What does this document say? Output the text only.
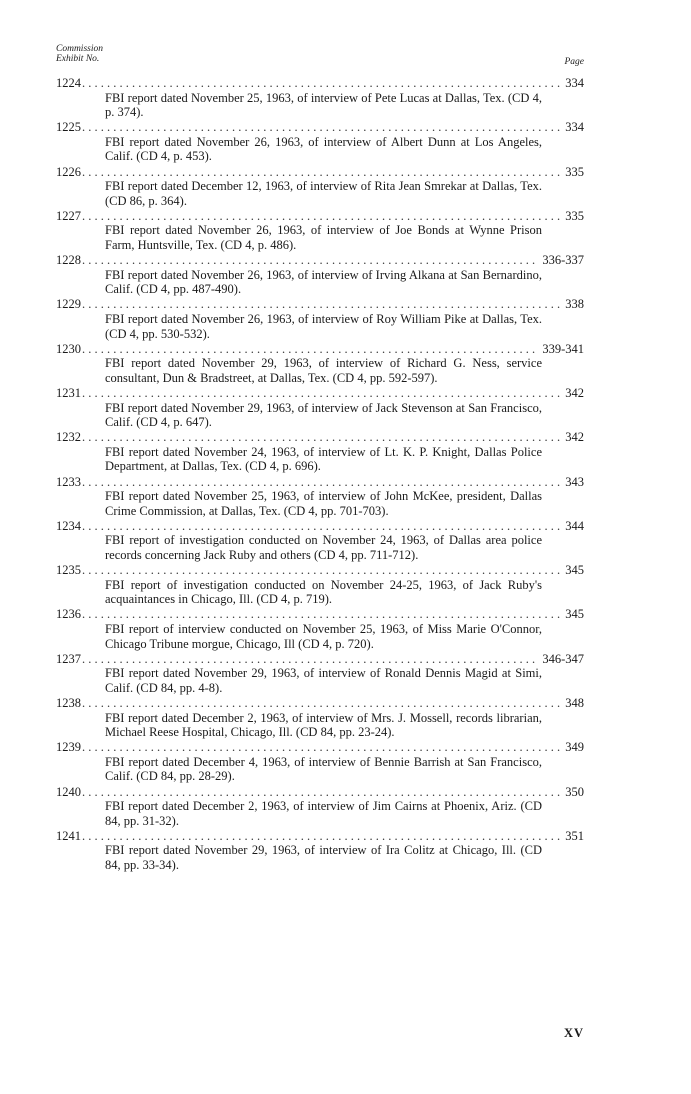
Commission
Exhibit No.	Page
1224 . . .	334
FBI report dated November 25, 1963, of interview of Pete Lucas at Dallas, Tex. (CD 4, p. 374).
1225 . . .	334
FBI report dated November 26, 1963, of interview of Albert Dunn at Los Angeles, Calif. (CD 4, p. 453).
1226 . . .	335
FBI report dated December 12, 1963, of interview of Rita Jean Smrekar at Dallas, Tex. (CD 86, p. 364).
1227 . . .	335
FBI report dated November 26, 1963, of interview of Joe Bonds at Wynne Prison Farm, Huntsville, Tex. (CD 4, p. 486).
1228 . . .	336-337
FBI report dated November 26, 1963, of interview of Irving Alkana at San Bernardino, Calif. (CD 4, pp. 487-490).
1229 . . .	338
FBI report dated November 26, 1963, of interview of Roy William Pike at Dallas, Tex. (CD 4, pp. 530-532).
1230 . . .	339-341
FBI report dated November 29, 1963, of interview of Richard G. Ness, service consultant, Dun & Bradstreet, at Dallas, Tex. (CD 4, pp. 592-597).
1231 . . .	342
FBI report dated November 29, 1963, of interview of Jack Stevenson at San Francisco, Calif. (CD 4, p. 647).
1232 . . .	342
FBI report dated November 24, 1963, of interview of Lt. K. P. Knight, Dallas Police Department, at Dallas, Tex. (CD 4, p. 696).
1233 . . .	343
FBI report dated November 25, 1963, of interview of John McKee, president, Dallas Crime Commission, at Dallas, Tex. (CD 4, pp. 701-703).
1234 . . .	344
FBI report of investigation conducted on November 24, 1963, of Dallas area police records concerning Jack Ruby and others (CD 4, pp. 711-712).
1235 . . .	345
FBI report of investigation conducted on November 24-25, 1963, of Jack Ruby's acquaintances in Chicago, Ill. (CD 4, p. 719).
1236 . . .	345
FBI report of interview conducted on November 25, 1963, of Miss Marie O'Connor, Chicago Tribune morgue, Chicago, Ill (CD 4, p. 720).
1237 . . .	346-347
FBI report dated November 29, 1963, of interview of Ronald Dennis Magid at Simi, Calif. (CD 84, pp. 4-8).
1238 . . .	348
FBI report dated December 2, 1963, of interview of Mrs. J. Mossell, records librarian, Michael Reese Hospital, Chicago, Ill. (CD 84, pp. 23-24).
1239 . . .	349
FBI report dated December 4, 1963, of interview of Bennie Barrish at San Francisco, Calif. (CD 84, pp. 28-29).
1240 . . .	350
FBI report dated December 2, 1963, of interview of Jim Cairns at Phoenix, Ariz. (CD 84, pp. 31-32).
1241 . . .	351
FBI report dated November 29, 1963, of interview of Ira Colitz at Chicago, Ill. (CD 84, pp. 33-34).
XV
